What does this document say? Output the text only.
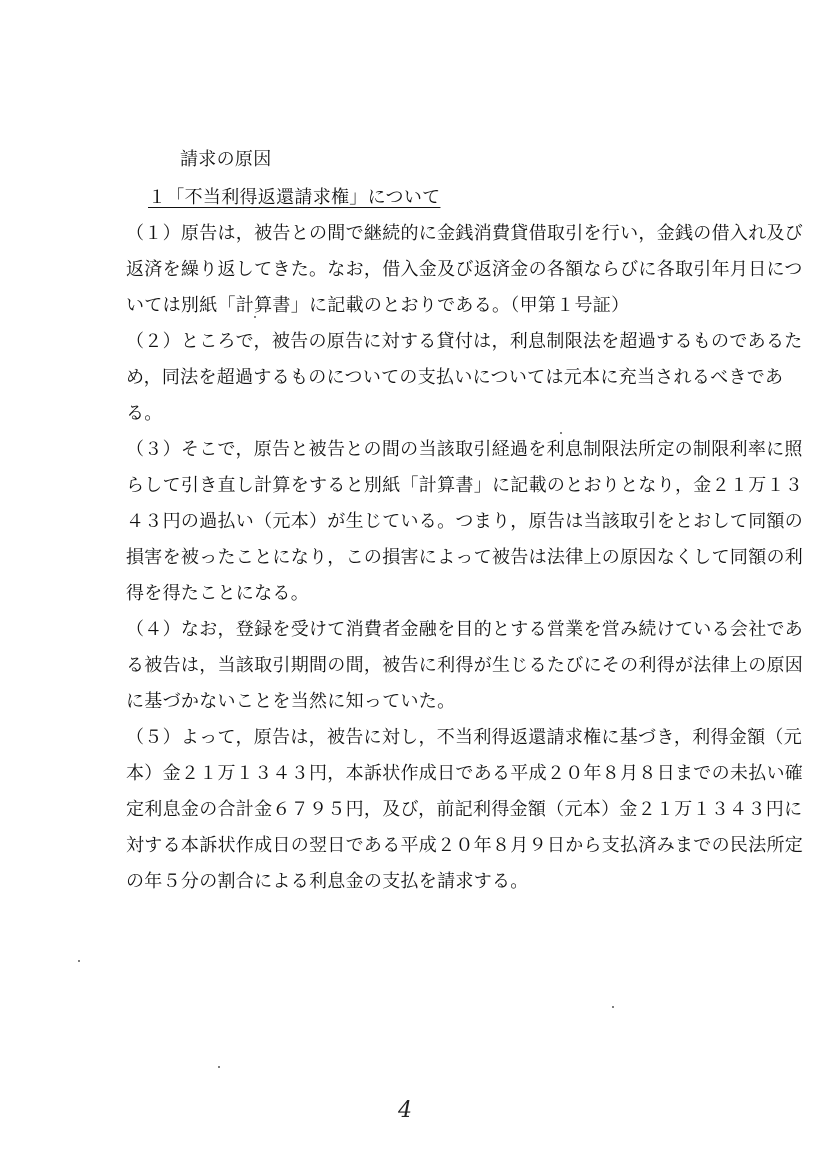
請求の原因
１「不当利得返還請求権」について
（１）原告は，被告との間で継続的に金銭消費貸借取引を行い，金銭の借入れ及び
返済を繰り返してきた。なお，借入金及び返済金の各額ならびに各取引年月日につ
いては別紙「計算書」に記載のとおりである。（甲第１号証）
（２）ところで，被告の原告に対する貸付は，利息制限法を超過するものであるた
め，同法を超過するものについての支払いについては元本に充当されるべきであ
る。
（３）そこで，原告と被告との間の当該取引経過を利息制限法所定の制限利率に照
らして引き直し計算をすると別紙「計算書」に記載のとおりとなり，金２１万１３
４３円の過払い（元本）が生じている。つまり，原告は当該取引をとおして同額の
損害を被ったことになり，この損害によって被告は法律上の原因なくして同額の利
得を得たことになる。
（４）なお，登録を受けて消費者金融を目的とする営業を営み続けている会社であ
る被告は，当該取引期間の間，被告に利得が生じるたびにその利得が法律上の原因
に基づかないことを当然に知っていた。
（５）よって，原告は，被告に対し，不当利得返還請求権に基づき，利得金額（元
本）金２１万１３４３円，本訴状作成日である平成２０年８月８日までの未払い確
定利息金の合計金６７９５円，及び，前記利得金額（元本）金２１万１３４３円に
対する本訴状作成日の翌日である平成２０年８月９日から支払済みまでの民法所定
の年５分の割合による利息金の支払を請求する。
4
